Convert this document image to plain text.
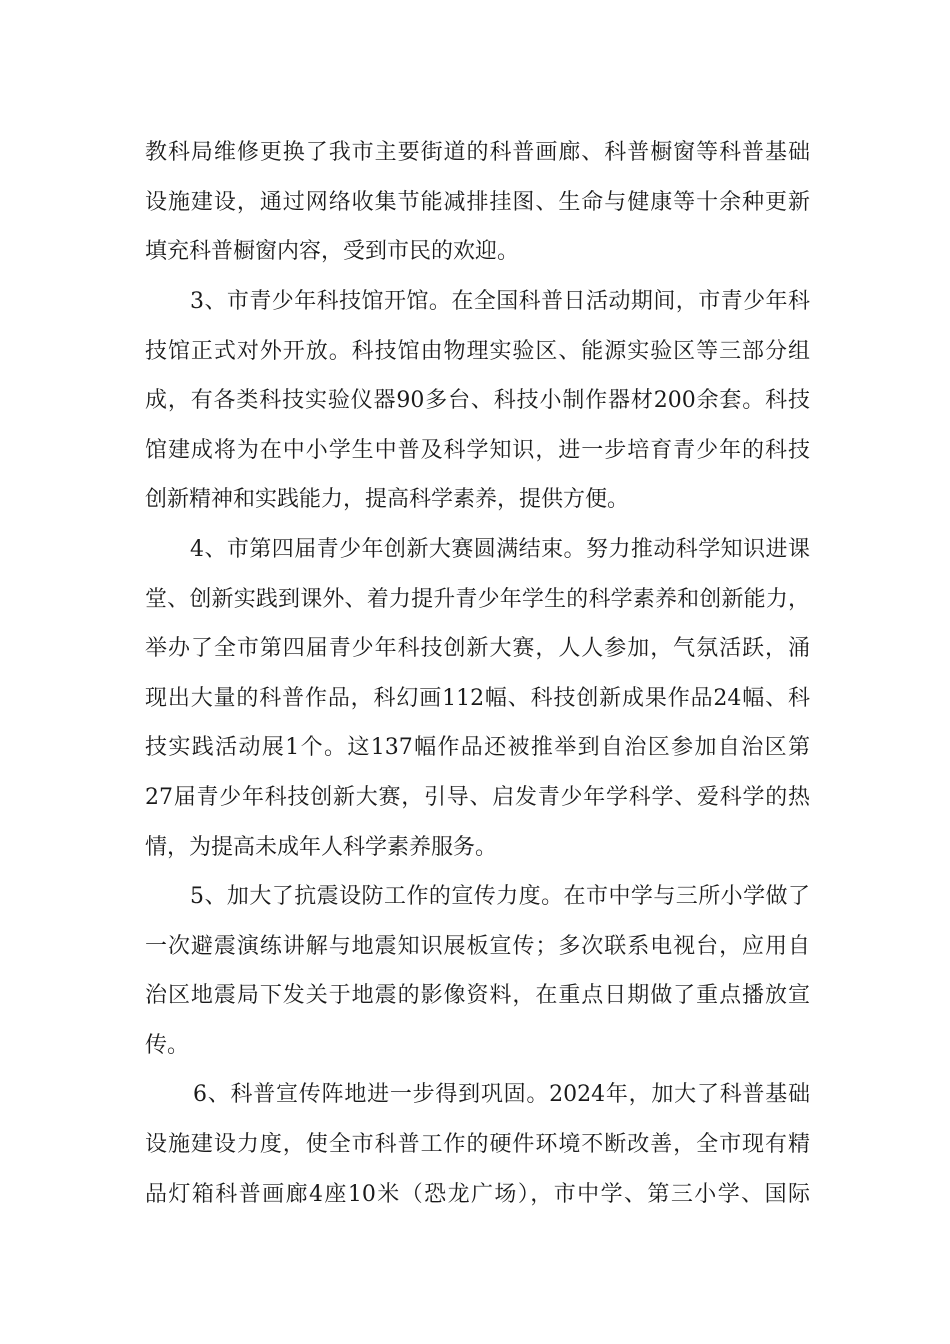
教科局维修更换了我市主要街道的科普画廊、科普橱窗等科普基础
设施建设，通过网络收集节能减排挂图、生命与健康等十余种更新
填充科普橱窗内容，受到市民的欢迎。
3、市青少年科技馆开馆。在全国科普日活动期间，市青少年科
技馆正式对外开放。科技馆由物理实验区、能源实验区等三部分组
成，有各类科技实验仪器90多台、科技小制作器材200余套。科技
馆建成将为在中小学生中普及科学知识，进一步培育青少年的科技
创新精神和实践能力，提高科学素养，提供方便。
4、市第四届青少年创新大赛圆满结束。努力推动科学知识进课
堂、创新实践到课外、着力提升青少年学生的科学素养和创新能力，
举办了全市第四届青少年科技创新大赛，人人参加，气氛活跃，涌
现出大量的科普作品，科幻画112幅、科技创新成果作品24幅、科
技实践活动展1个。这137幅作品还被推举到自治区参加自治区第
27届青少年科技创新大赛，引导、启发青少年学科学、爱科学的热
情，为提高未成年人科学素养服务。
5、加大了抗震设防工作的宣传力度。在市中学与三所小学做了
一次避震演练讲解与地震知识展板宣传；多次联系电视台，应用自
治区地震局下发关于地震的影像资料，在重点日期做了重点播放宣
传。
6、科普宣传阵地进一步得到巩固。2024年，加大了科普基础
设施建设力度，使全市科普工作的硬件环境不断改善，全市现有精
品灯箱科普画廊4座10米（恐龙广场），市中学、第三小学、国际
